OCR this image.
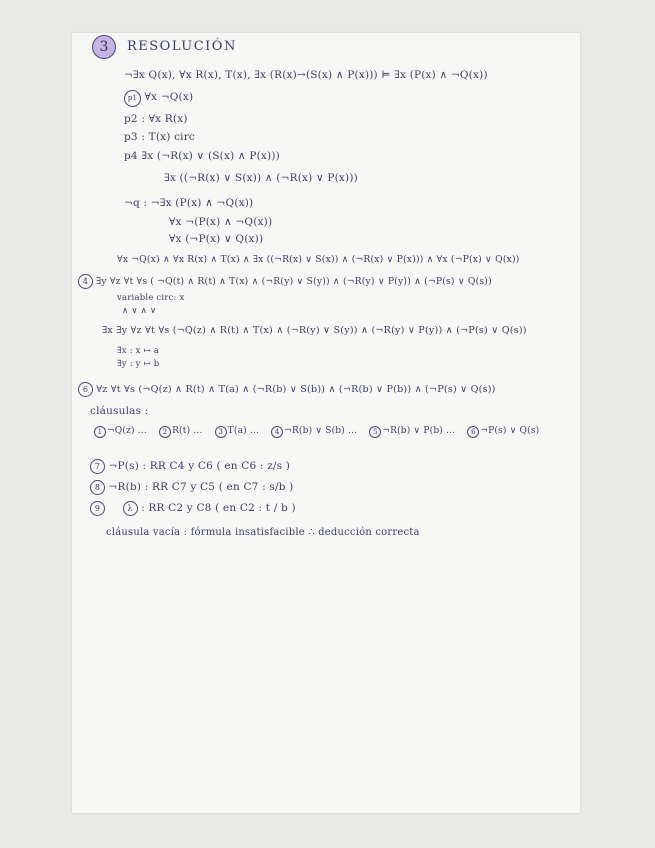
3	RESOLUCIÓN
¬∃x Q(x), ∀x R(x), T(x), ∃x (R(x)→(S(x) ∧ P(x))) ⊨ ∃x (P(x) ∧ ¬Q(x))
p1 ∀x ¬Q(x)
p2 : ∀x R(x)
p3 : T(x) circ
p4 ∃x (¬R(x) ∨ (S(x) ∧ P(x)))
∃x ((¬R(x) ∨ S(x)) ∧ (¬R(x) ∨ P(x)))
¬q : ¬∃x (P(x) ∧ ¬Q(x))
∀x ¬(P(x) ∧ ¬Q(x))
∀x (¬P(x) ∨ Q(x))
∀x ¬Q(x) ∧ ∀x R(x) ∧ T(x) ∧ ∃x ((¬R(x) ∨ S(x)) ∧ (¬R(x) ∨ P(x))) ∧ ∀x (¬P(x) ∨ Q(x))
4 ∃y ∀z ∀t ∀s ( ¬Q(t) ∧ R(t) ∧ T(x) ∧ (¬R(y) ∨ S(y)) ∧ (¬R(y) ∨ P(y)) ∧ (¬P(s) ∨ Q(s))
variable circ: x
∧ ∨ ∧ ∨
∃x ∃y ∀z ∀t ∀s (¬Q(z) ∧ R(t) ∧ T(x) ∧ (¬R(y) ∨ S(y)) ∧ (¬R(y) ∨ P(y)) ∧ (¬P(s) ∨ Q(s))
∃x : x ↦ a
∃y : y ↦ b
6 ∀z ∀t ∀s (¬Q(z) ∧ R(t) ∧ T(a) ∧ (¬R(b) ∨ S(b)) ∧ (¬R(b) ∨ P(b)) ∧ (¬P(s) ∨ Q(s))
cláusulas :
1 ¬Q(z) ... 2 R(t) ... 3 T(a) ... 4 ¬R(b) ∨ S(b) ... 5 ¬R(b) ∨ P(b) ... 6 ¬P(s) ∨ Q(s)
7 ¬P(s) : RR C4 y C6 ( en C6 : z/s )
8 ¬R(b) : RR C7 y C5 ( en C7 : s/b )
9	λ : RR C2 y C8 ( en C2 : t / b )
cláusula vacía : fórmula insatisfacible ∴ deducción correcta
